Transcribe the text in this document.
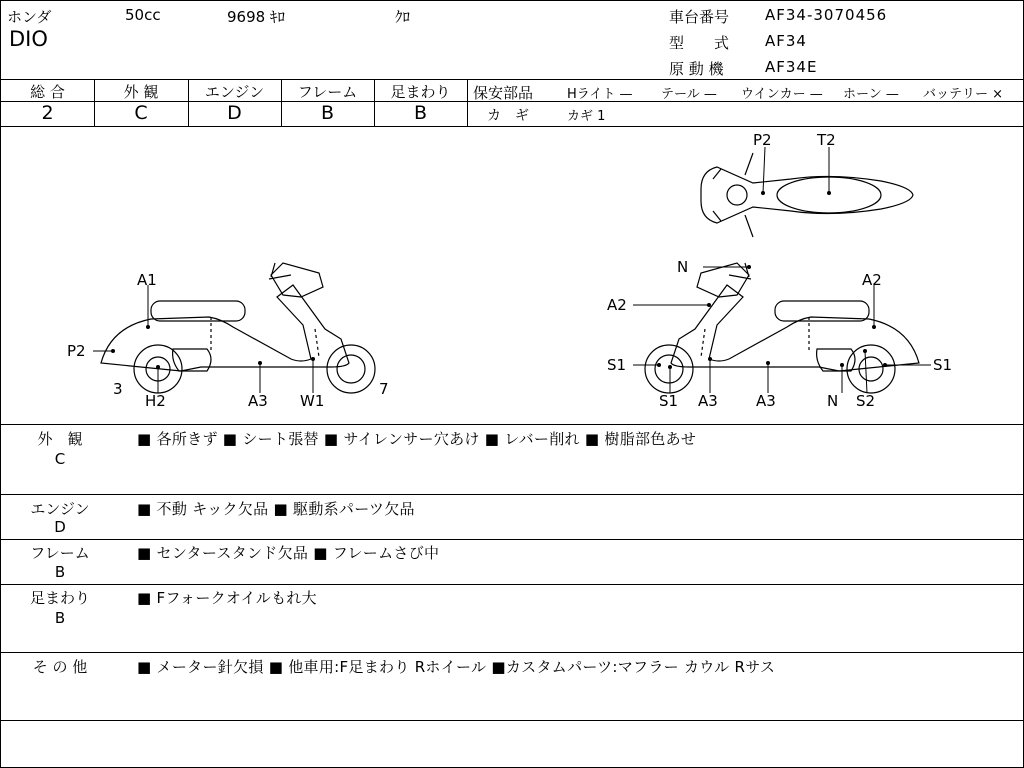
ホンダ	50cc	9698 ｷﾛ	ｸﾛ
DIO
車台番号 AF34-3070456
型　　式 AF34
原 動 機	AF34E
総 合	外 観	エンジン	フレーム	足まわり
2	C	D	B	B
保安部品	Hライト — テール — ウインカー — ホーン — バッテリー ×
カ　ギ	カギ 1
A1
P2
3
H2	A3 W1
7
N
A2
A2
S1	S1
S1 A3	A3	N S2
P2	T2
外　観
C
■ 各所きず ■ シート張替 ■ サイレンサー穴あけ ■ レバー削れ ■ 樹脂部色あせ
エンジン
D
■ 不動 キック欠品 ■ 駆動系パーツ欠品
フレーム
B
■ センタースタンド欠品 ■ フレームさび中
足まわり
B
■ Fフォークオイルもれ大
そ の 他	■ メーター針欠損 ■ 他車用:F足まわり Rホイール ■カスタムパーツ:マフラー カウル Rサス
